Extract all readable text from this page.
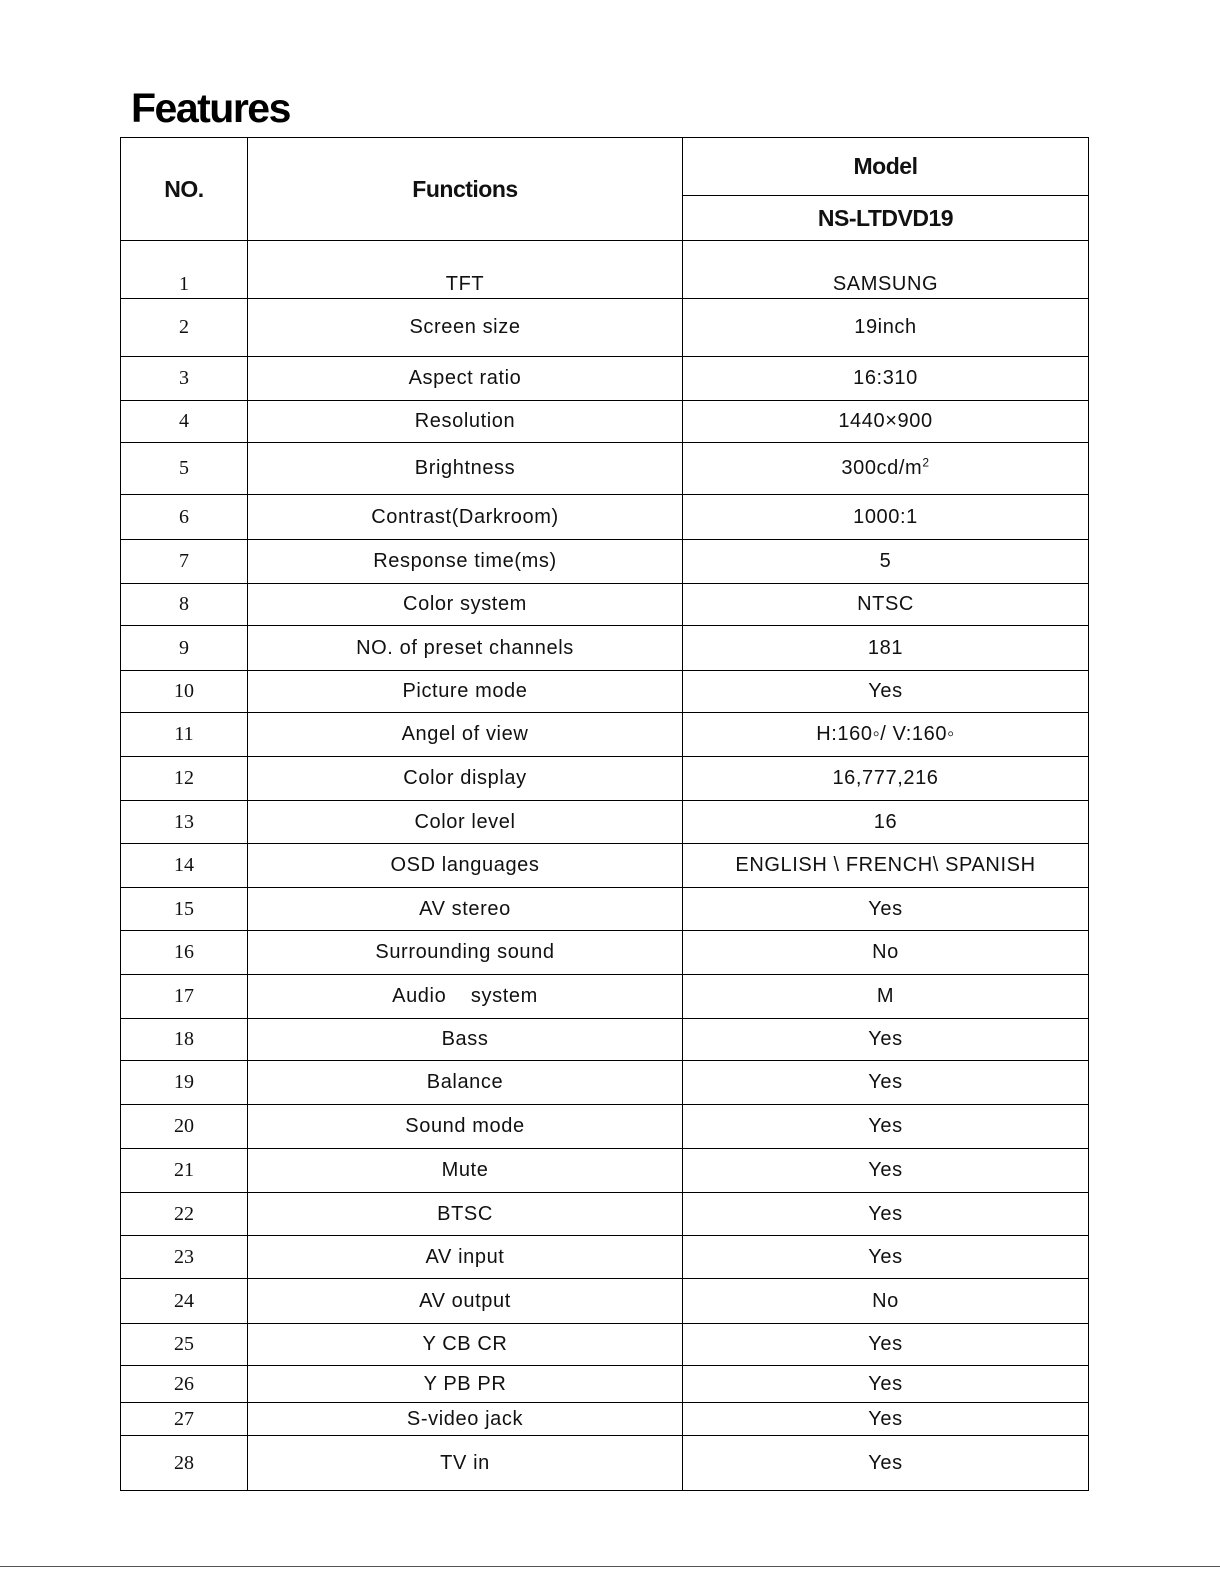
Features
NO.	Functions	Model
		NS-LTDVD19
1	TFT	SAMSUNG
2	Screen size	19inch
3	Aspect ratio	16:310
4	Resolution	1440×900
5	Brightness	$300cd/m^2$
6	Contrast(Darkroom)	1000:1
7	Response time(ms)	5
8	Color system	NTSC
9	NO. of preset channels	181
10	Picture mode	Yes
11	Angel of view	H:160◦/ V:160◦
12	Color display	16,777,216
13	Color level	16
14	OSD languages	ENGLISH \ FRENCH\ SPANISH
15	AV stereo	Yes
16	Surrounding sound	No
17	Audio    system	M
18	Bass	Yes
19	Balance	Yes
20	Sound mode	Yes
21	Mute	Yes
22	BTSC	Yes
23	AV input	Yes
24	AV output	No
25	Y CB CR	Yes
26	Y PB PR	Yes
27	S-video jack	Yes
28	TV in	Yes
